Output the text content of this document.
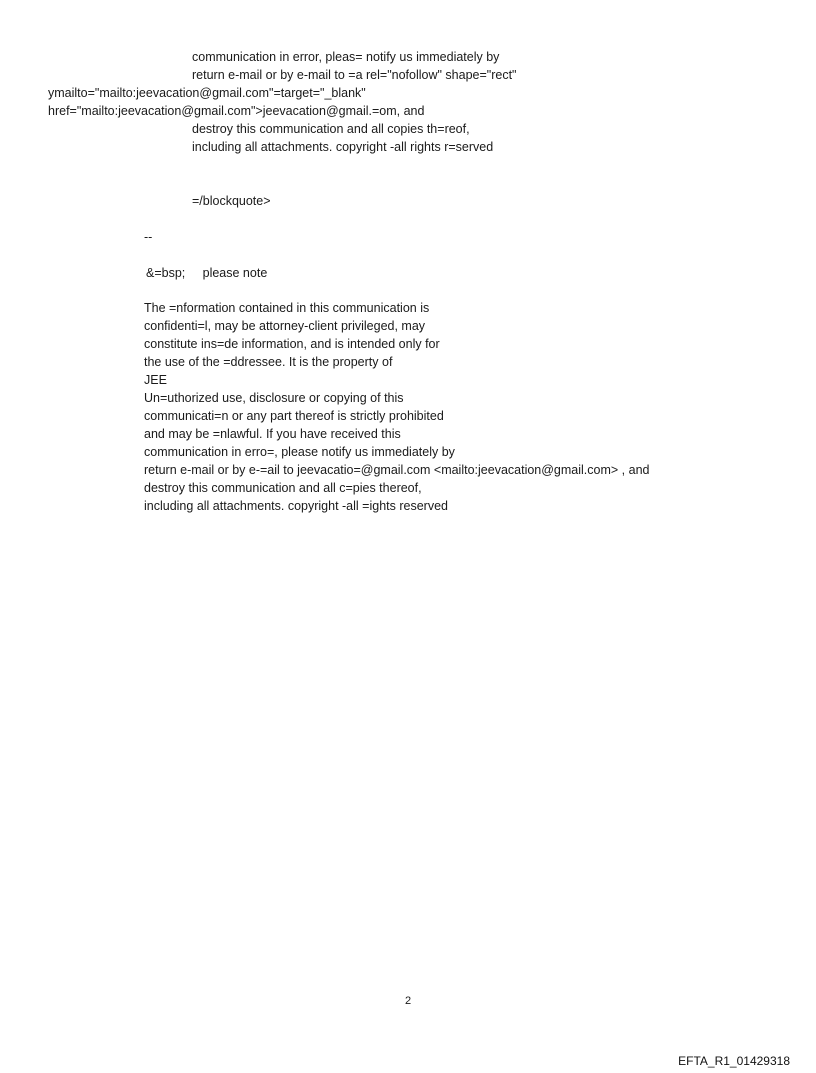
communication in error, pleas= notify us immediately by
return e-mail or by e-mail to =a rel="nofollow" shape="rect"
ymailto="mailto:jeevacation@gmail.com"=target="_blank"
href="mailto:jeevacation@gmail.com">jeevacation@gmail.=om, and
destroy this communication and all copies th=reof,
including all attachments. copyright -all rights r=served
=/blockquote>
--
&=bsp;     please note
The =nformation contained in this communication is
confidenti=l, may be attorney-client privileged, may
constitute ins=de information, and is intended only for
the use of the =ddressee. It is the property of
JEE
Un=uthorized use, disclosure or copying of this
communicati=n or any part thereof is strictly prohibited
and may be =nlawful. If you have received this
communication in erro=, please notify us immediately by
return e-mail or by e-=ail to jeevacatio=@gmail.com <mailto:jeevacation@gmail.com> , and
destroy this communication and all c=pies thereof,
including all attachments. copyright -all =ights reserved
2
EFTA_R1_01429318
